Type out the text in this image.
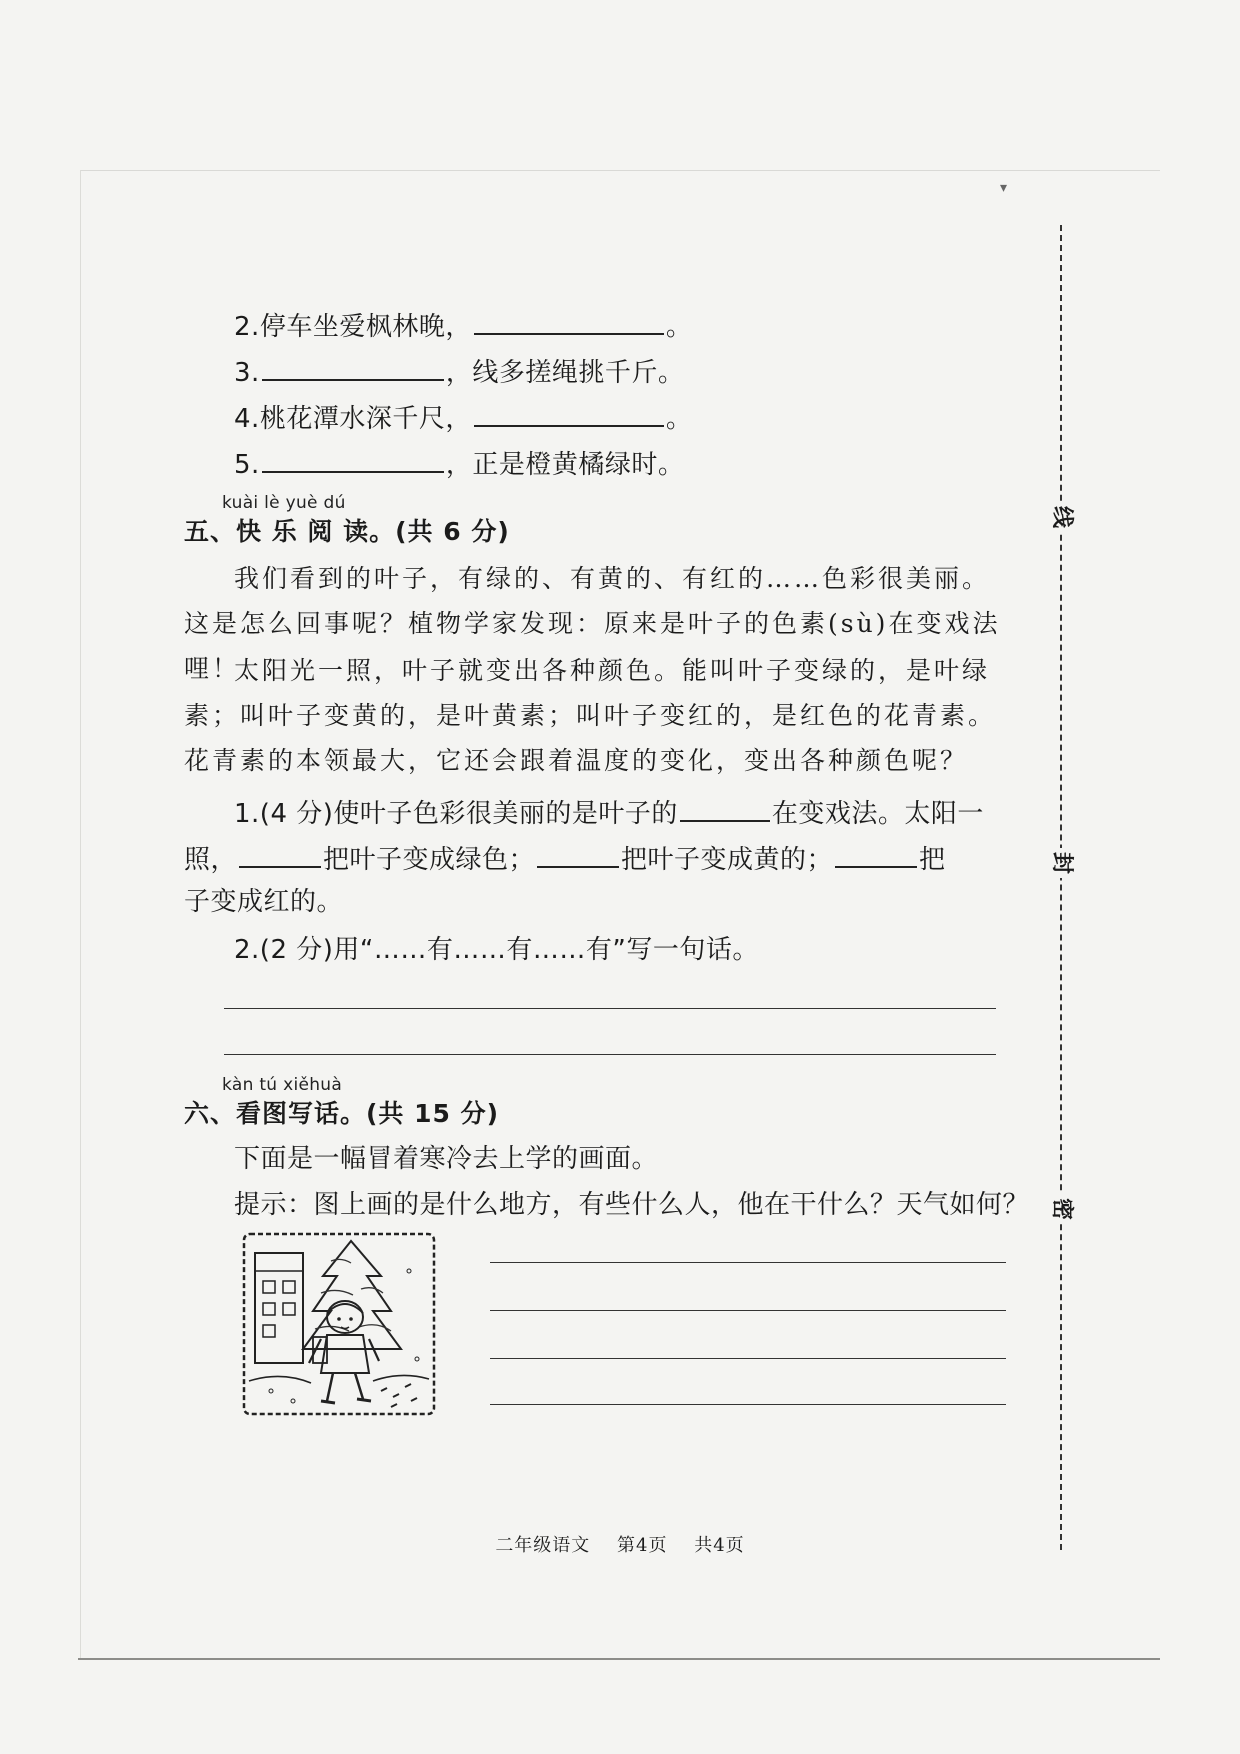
▾
2.停车坐爱枫林晚，	。
3.	，线多搓绳挑千斤。
4.桃花潭水深千尺，	。
5.	，正是橙黄橘绿时。
kuài lè yuè dú
五、快 乐 阅 读。(共 6 分)
我们看到的叶子，有绿的、有黄的、有红的……色彩很美丽。这是怎么回事呢？植物学家发现：原来是叶子的色素(sù)在变戏法哩！
太阳光一照，叶子就变出各种颜色。能叫叶子变绿的，是叶绿素；叫叶子变黄的，是叶黄素；叫叶子变红的，是红色的花青素。花青素的本领最大，它还会跟着温度的变化，变出各种颜色呢？
1.(4 分)使叶子色彩很美丽的是叶子的	在变戏法。太阳一
照，	把叶子变成绿色；	把叶子变成黄的；	把
子变成红的。
2.(2 分)用“……有……有……有”写一句话。
kàn tú xiěhuà
六、看图写话。(共 15 分)
下面是一幅冒着寒冷去上学的画面。
提示：图上画的是什么地方，有些什么人，他在干什么？天气如何？
线
封
密
二年级语文 第4页 共4页
